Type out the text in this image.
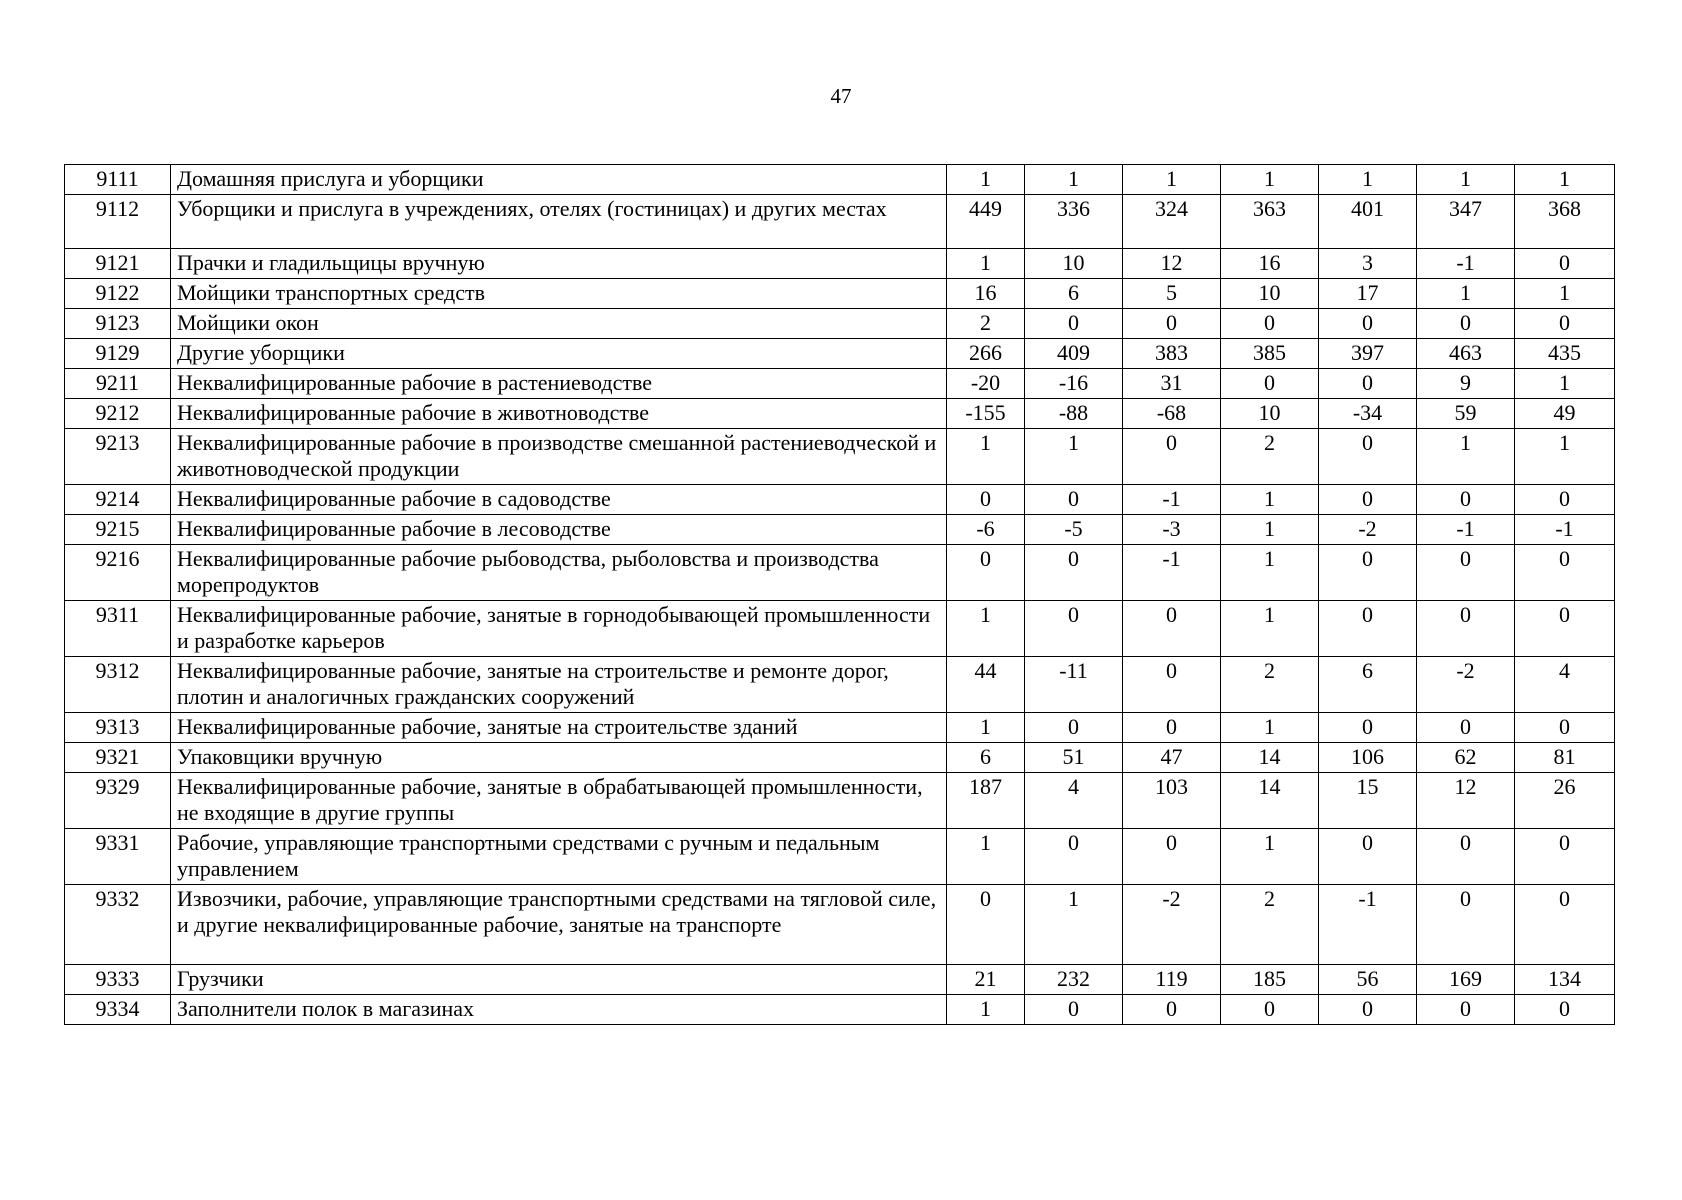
47
9111	Домашняя прислуга и уборщики	1	1	1	1	1	1	1
9112	Уборщики и прислуга в учреждениях, отелях (гостиницах) и других местах	449	336	324	363	401	347	368
9121	Прачки и гладильщицы вручную	1	10	12	16	3	-1	0
9122	Мойщики транспортных средств	16	6	5	10	17	1	1
9123	Мойщики окон	2	0	0	0	0	0	0
9129	Другие уборщики	266	409	383	385	397	463	435
9211	Неквалифицированные рабочие в растениеводстве	-20	-16	31	0	0	9	1
9212	Неквалифицированные рабочие в животноводстве	-155	-88	-68	10	-34	59	49
9213	Неквалифицированные рабочие в производстве смешанной растениеводческой и животноводческой продукции	1	1	0	2	0	1	1
9214	Неквалифицированные рабочие в садоводстве	0	0	-1	1	0	0	0
9215	Неквалифицированные рабочие в лесоводстве	-6	-5	-3	1	-2	-1	-1
9216	Неквалифицированные рабочие рыбоводства, рыболовства и производства морепродуктов	0	0	-1	1	0	0	0
9311	Неквалифицированные рабочие, занятые в горнодобывающей промышленности и разработке карьеров	1	0	0	1	0	0	0
9312	Неквалифицированные рабочие, занятые на строительстве и ремонте дорог, плотин и аналогичных гражданских сооружений	44	-11	0	2	6	-2	4
9313	Неквалифицированные рабочие, занятые на строительстве зданий	1	0	0	1	0	0	0
9321	Упаковщики вручную	6	51	47	14	106	62	81
9329	Неквалифицированные рабочие, занятые в обрабатывающей промышленности, не входящие в другие группы	187	4	103	14	15	12	26
9331	Рабочие, управляющие транспортными средствами с ручным и педальным управлением	1	0	0	1	0	0	0
9332	Извозчики, рабочие, управляющие транспортными средствами на тягловой силе, и другие неквалифицированные рабочие, занятые на транспорте	0	1	-2	2	-1	0	0
9333	Грузчики	21	232	119	185	56	169	134
9334	Заполнители полок в магазинах	1	0	0	0	0	0	0
